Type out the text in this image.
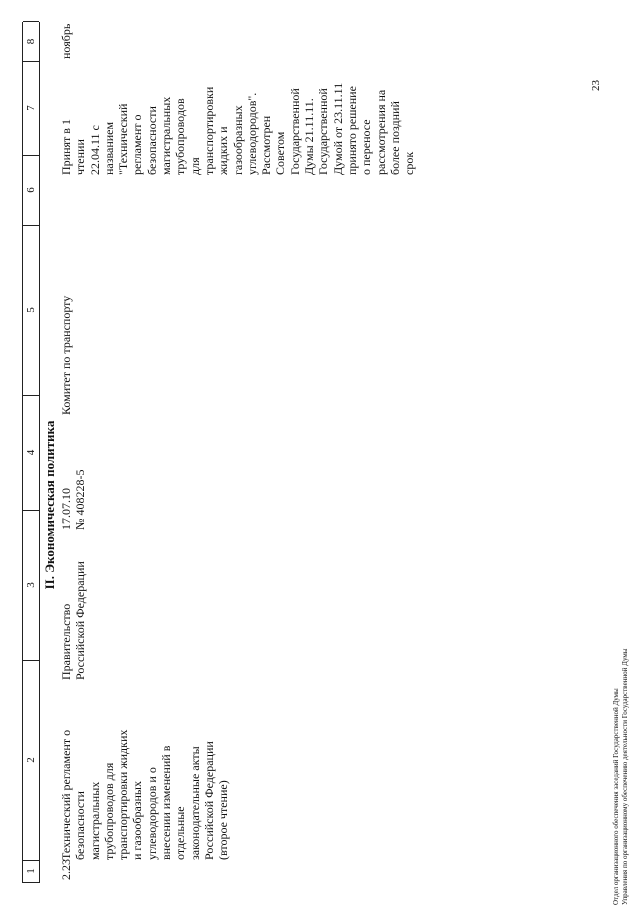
1
2
3
4
5
6
7
8
II. Экономическая политика
2.23
Технический регламент о
безопасности
магистральных
трубопроводов для
транспортировки жидких
и газообразных
углеводородов и о
внесении изменений в
отдельные
законодательные акты
Российской Федерации
(второе чтение)
Правительство
Российской Федерации
17.07.10
№ 408228-5
Комитет по транспорту
Принят в 1 чтении
22.04.11 с
названием
"Технический
регламент о
безопасности
магистральных
трубопроводов
для
транспортировки
жидких и
газообразных
углеводородов".
Рассмотрен
Советом
Государственной
Думы 21.11.11.
Государственной
Думой от 23.11.11
принято решение
о переносе
рассмотрения на
более поздний
срок
ноябрь
Отдел организационного обеспечения заседаний Государственной Думы Управления по организационному обеспечению деятельности Государственной Думы
23
